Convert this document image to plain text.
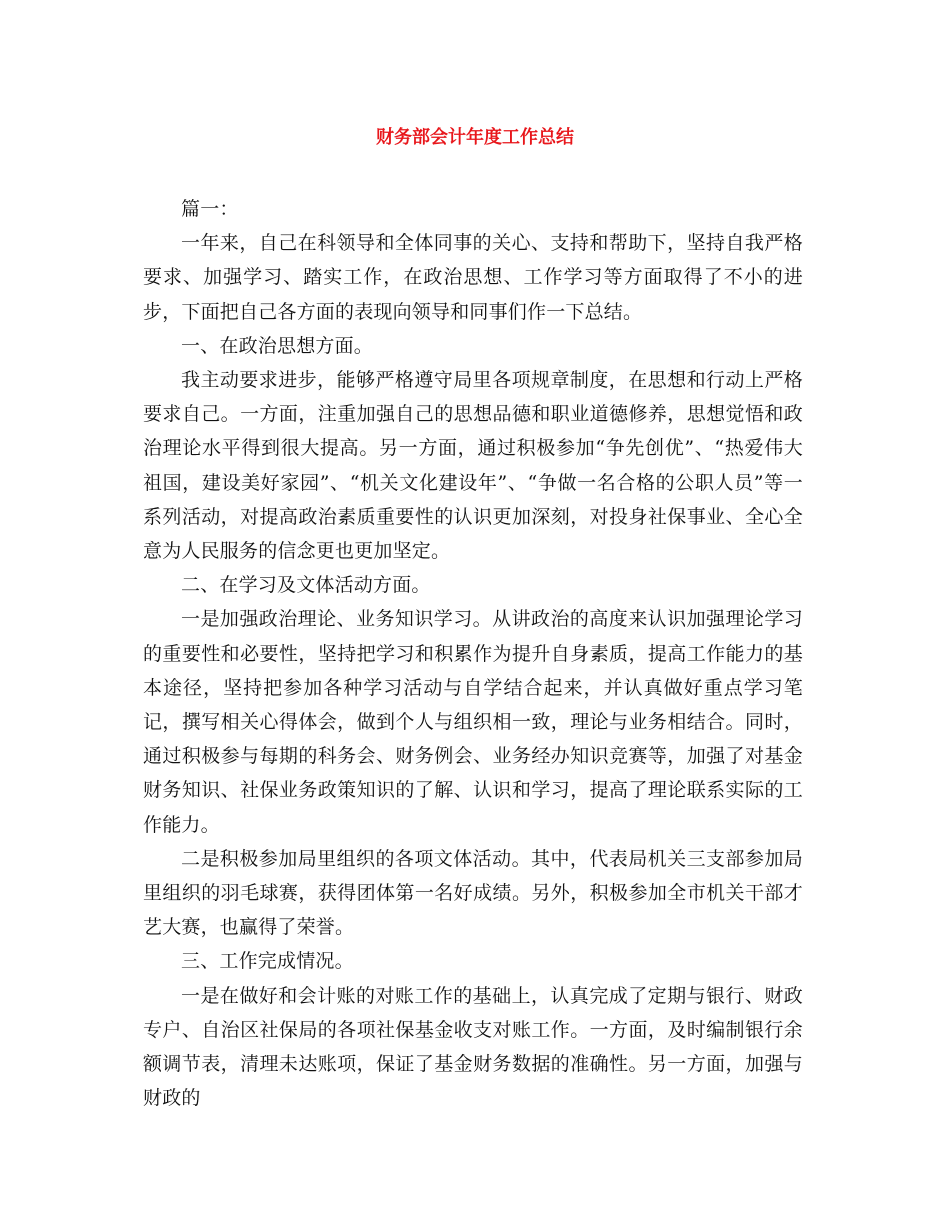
财务部会计年度工作总结

篇一：

一年来，自己在科领导和全体同事的关心、支持和帮助下，坚持自我严格要求、加强学习、踏实工作，在政治思想、工作学习等方面取得了不小的进步，下面把自己各方面的表现向领导和同事们作一下总结。

一、在政治思想方面。

我主动要求进步，能够严格遵守局里各项规章制度，在思想和行动上严格要求自己。一方面，注重加强自己的思想品德和职业道德修养，思想觉悟和政治理论水平得到很大提高。另一方面，通过积极参加“争先创优”、“热爱伟大祖国，建设美好家园”、“机关文化建设年”、“争做一名合格的公职人员”等一系列活动，对提高政治素质重要性的认识更加深刻，对投身社保事业、全心全意为人民服务的信念更也更加坚定。

二、在学习及文体活动方面。

一是加强政治理论、业务知识学习。从讲政治的高度来认识加强理论学习的重要性和必要性，坚持把学习和积累作为提升自身素质，提高工作能力的基本途径，坚持把参加各种学习活动与自学结合起来，并认真做好重点学习笔记，撰写相关心得体会，做到个人与组织相一致，理论与业务相结合。同时，通过积极参与每期的科务会、财务例会、业务经办知识竞赛等，加强了对基金财务知识、社保业务政策知识的了解、认识和学习，提高了理论联系实际的工作能力。

二是积极参加局里组织的各项文体活动。其中，代表局机关三支部参加局里组织的羽毛球赛，获得团体第一名好成绩。另外，积极参加全市机关干部才艺大赛，也赢得了荣誉。

三、工作完成情况。

一是在做好和会计账的对账工作的基础上，认真完成了定期与银行、财政专户、自治区社保局的各项社保基金收支对账工作。一方面，及时编制银行余额调节表，清理未达账项，保证了基金财务数据的准确性。另一方面，加强与财政的
